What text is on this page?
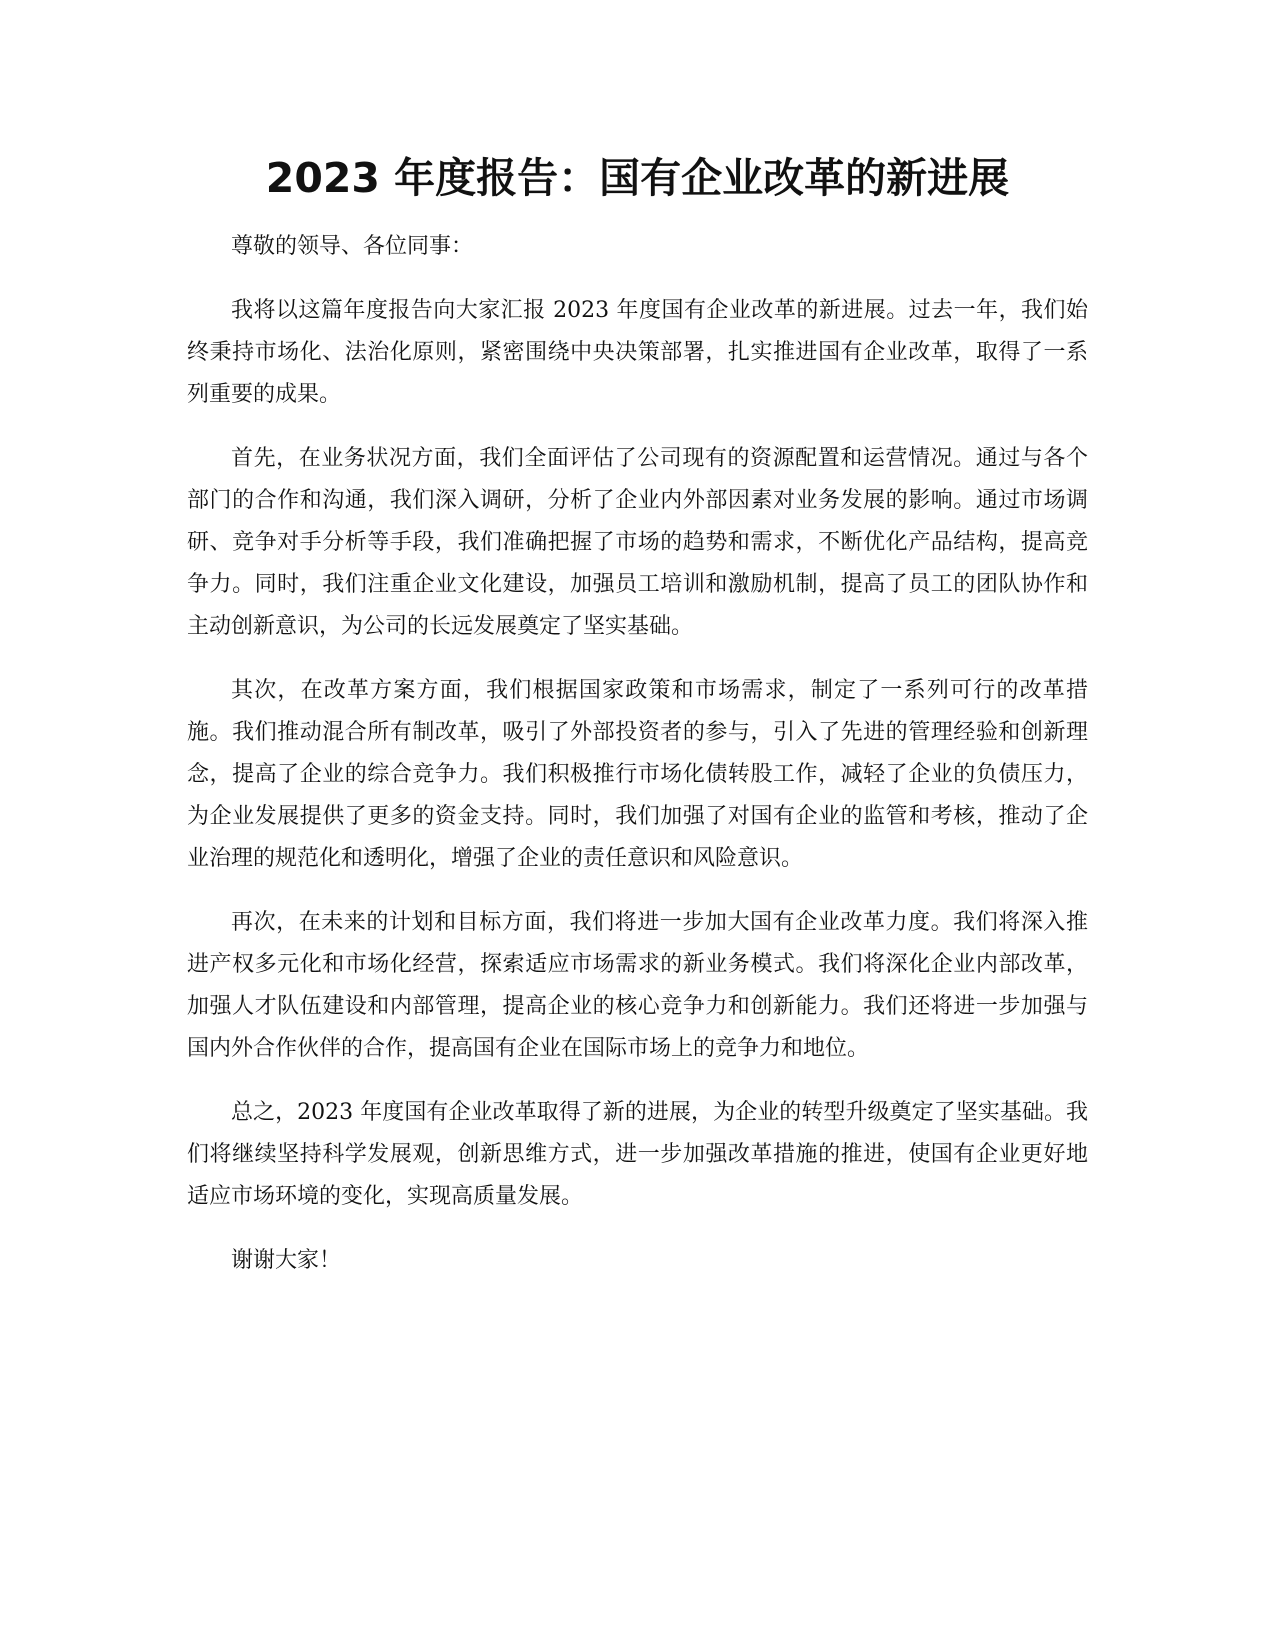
2023 年度报告：国有企业改革的新进展

尊敬的领导、各位同事：

我将以这篇年度报告向大家汇报 2023 年度国有企业改革的新进展。过去一年，我们始终秉持市场化、法治化原则，紧密围绕中央决策部署，扎实推进国有企业改革，取得了一系列重要的成果。

首先，在业务状况方面，我们全面评估了公司现有的资源配置和运营情况。通过与各个部门的合作和沟通，我们深入调研，分析了企业内外部因素对业务发展的影响。通过市场调研、竞争对手分析等手段，我们准确把握了市场的趋势和需求，不断优化产品结构，提高竞争力。同时，我们注重企业文化建设，加强员工培训和激励机制，提高了员工的团队协作和主动创新意识，为公司的长远发展奠定了坚实基础。

其次，在改革方案方面，我们根据国家政策和市场需求，制定了一系列可行的改革措施。我们推动混合所有制改革，吸引了外部投资者的参与，引入了先进的管理经验和创新理念，提高了企业的综合竞争力。我们积极推行市场化债转股工作，减轻了企业的负债压力，为企业发展提供了更多的资金支持。同时，我们加强了对国有企业的监管和考核，推动了企业治理的规范化和透明化，增强了企业的责任意识和风险意识。

再次，在未来的计划和目标方面，我们将进一步加大国有企业改革力度。我们将深入推进产权多元化和市场化经营，探索适应市场需求的新业务模式。我们将深化企业内部改革，加强人才队伍建设和内部管理，提高企业的核心竞争力和创新能力。我们还将进一步加强与国内外合作伙伴的合作，提高国有企业在国际市场上的竞争力和地位。

总之，2023 年度国有企业改革取得了新的进展，为企业的转型升级奠定了坚实基础。我们将继续坚持科学发展观，创新思维方式，进一步加强改革措施的推进，使国有企业更好地适应市场环境的变化，实现高质量发展。

谢谢大家！
